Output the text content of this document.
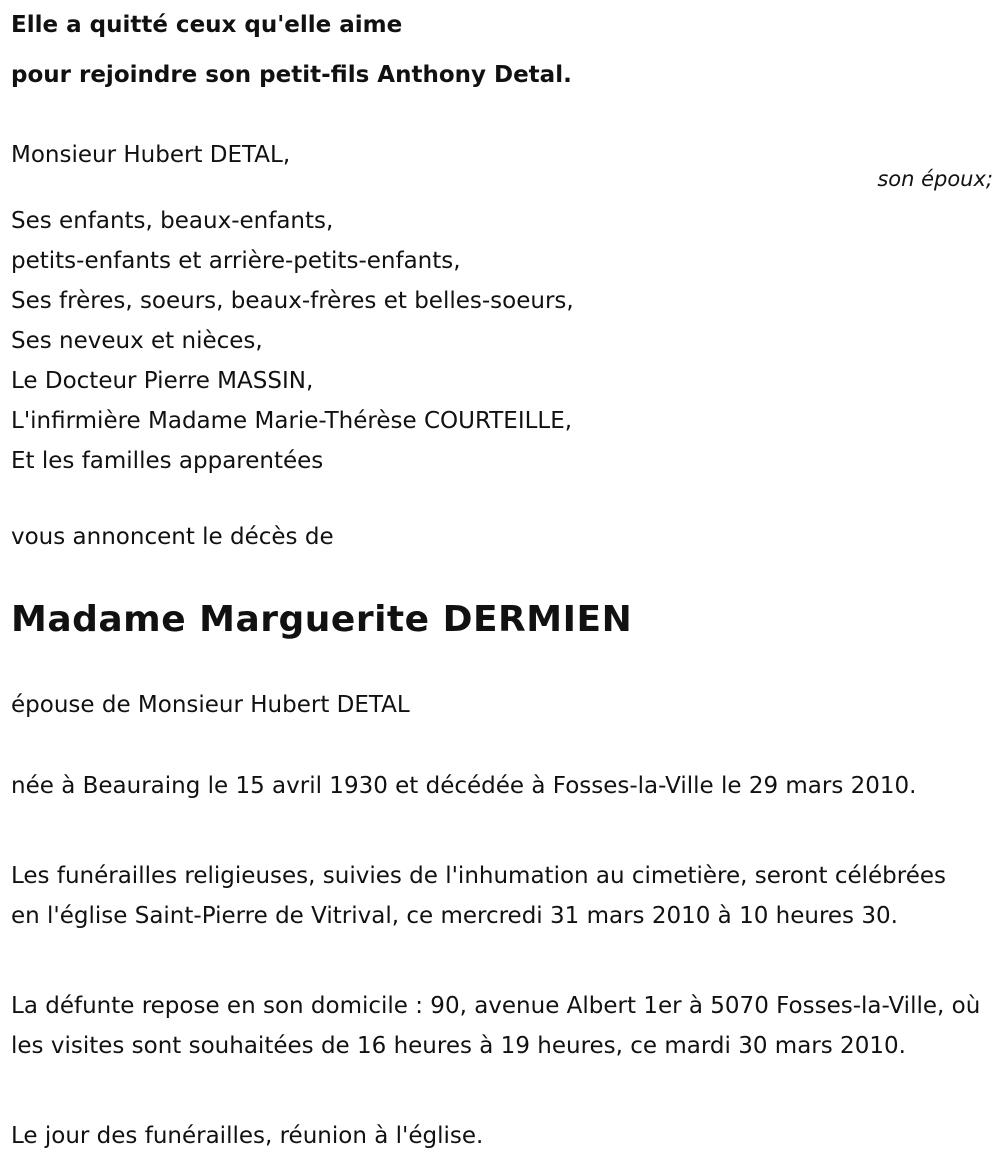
Elle a quitté ceux qu'elle aime

pour rejoindre son petit-fils Anthony Detal.

Monsieur Hubert DETAL,
son époux;
Ses enfants, beaux-enfants,
petits-enfants et arrière-petits-enfants,
Ses frères, soeurs, beaux-frères et belles-soeurs,
Ses neveux et nièces,
Le Docteur Pierre MASSIN,
L'infirmière Madame Marie-Thérèse COURTEILLE,
Et les familles apparentées
vous annoncent le décès de
Madame Marguerite DERMIEN
épouse de Monsieur Hubert DETAL

née à Beauraing le 15 avril 1930 et décédée à Fosses-la-Ville le 29 mars 2010.

Les funérailles religieuses, suivies de l'inhumation au cimetière, seront célébrées en l'église Saint-Pierre de Vitrival, ce mercredi 31 mars 2010 à 10 heures 30.

La défunte repose en son domicile : 90, avenue Albert 1er à 5070 Fosses-la-Ville, où les visites sont souhaitées de 16 heures à 19 heures, ce mardi 30 mars 2010.

Le jour des funérailles, réunion à l'église.
